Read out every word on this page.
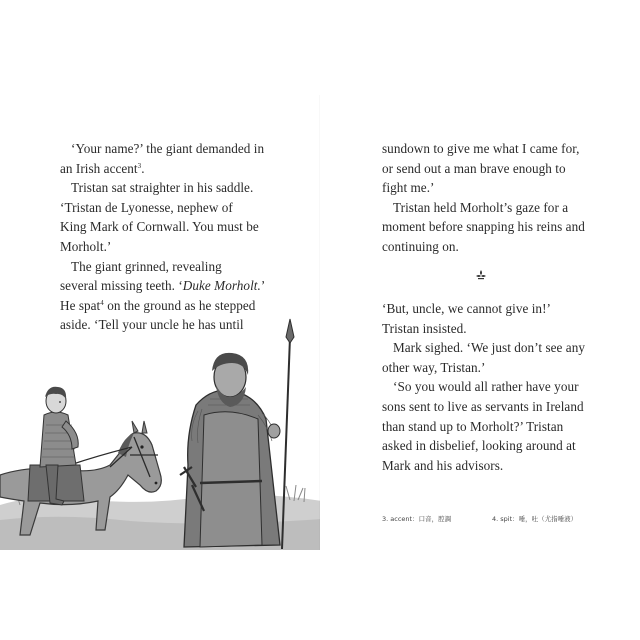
‘Your name?’ the giant demanded in
an Irish accent$^3$.
Tristan sat straighter in his saddle.
‘Tristan de Lyonesse, nephew of
King Mark of Cornwall. You must be
Morholt.’
The giant grinned, revealing
several missing teeth. ‘Duke Morholt.’
He spat$^4$ on the ground as he stepped
aside. ‘Tell your uncle he has until
sundown to give me what I came for,
or send out a man brave enough to
fight me.’
Tristan held Morholt’s gaze for a
moment before snapping his reins and
continuing on.
‘But, uncle, we cannot give in!’
Tristan insisted.
Mark sighed. ‘We just don’t see any
other way, Tristan.’
‘So you would all rather have your
sons sent to live as servants in Ireland
than stand up to Morholt?’ Tristan
asked in disbelief, looking around at
Mark and his advisors.
3. accent：口音，腔調	4. spit：唾，吐（尤指唾液）
